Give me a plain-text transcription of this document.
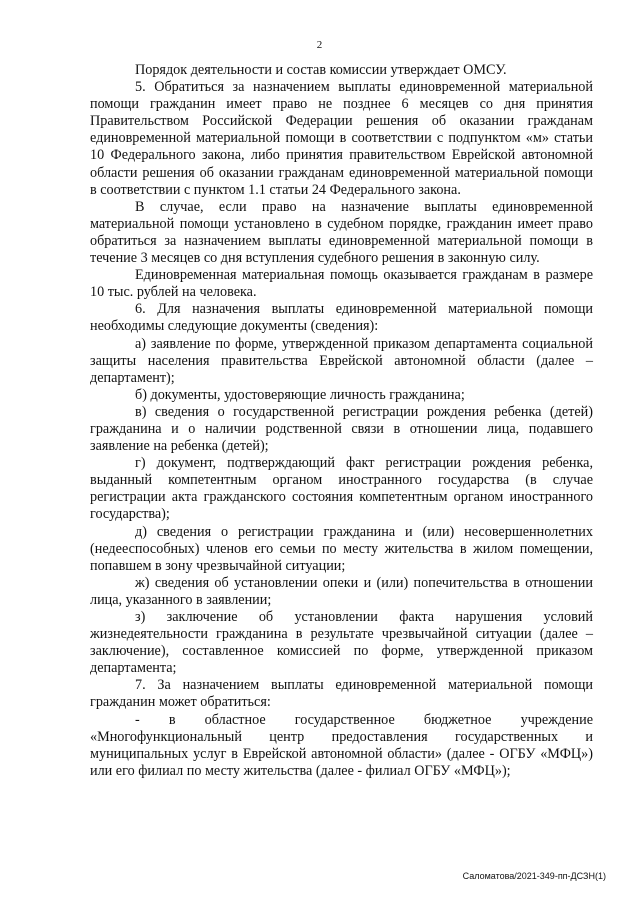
2

Порядок деятельности и состав комиссии утверждает ОМСУ.

5. Обратиться за назначением выплаты единовременной материальной помощи гражданин имеет право не позднее 6 месяцев со дня принятия Правительством Российской Федерации решения об оказании гражданам единовременной материальной помощи в соответствии с подпунктом «м» статьи 10 Федерального закона, либо принятия правительством Еврейской автономной области решения об оказании гражданам единовременной материальной помощи в соответствии с пунктом 1.1 статьи 24 Федерального закона.

В случае, если право на назначение выплаты единовременной материальной помощи установлено в судебном порядке, гражданин имеет право обратиться за назначением выплаты единовременной материальной помощи в течение 3 месяцев со дня вступления судебного решения в законную силу.

Единовременная материальная помощь оказывается гражданам в размере 10 тыс. рублей на человека.

6. Для назначения выплаты единовременной материальной помощи необходимы следующие документы (сведения):

а) заявление по форме, утвержденной приказом департамента социальной защиты населения правительства Еврейской автономной области (далее – департамент);

б) документы, удостоверяющие личность гражданина;

в) сведения о государственной регистрации рождения ребенка (детей) гражданина и о наличии родственной связи в отношении лица, подавшего заявление на ребенка (детей);

г) документ, подтверждающий факт регистрации рождения ребенка, выданный компетентным органом иностранного государства (в случае регистрации акта гражданского состояния компетентным органом иностранного государства);

д) сведения о регистрации гражданина и (или) несовершеннолетних (недееспособных) членов его семьи по месту жительства в жилом помещении, попавшем в зону чрезвычайной ситуации;

ж) сведения об установлении опеки и (или) попечительства в отношении лица, указанного в заявлении;

з) заключение об установлении факта нарушения условий жизнедеятельности гражданина в результате чрезвычайной ситуации (далее – заключение), составленное комиссией по форме, утвержденной приказом департамента;

7. За назначением выплаты единовременной материальной помощи гражданин может обратиться:

- в областное государственное бюджетное учреждение «Многофункциональный центр предоставления государственных и муниципальных услуг в Еврейской автономной области» (далее - ОГБУ «МФЦ») или его филиал по месту жительства (далее - филиал ОГБУ «МФЦ»);

Саломатова/2021-349-пп-ДСЗН(1)
